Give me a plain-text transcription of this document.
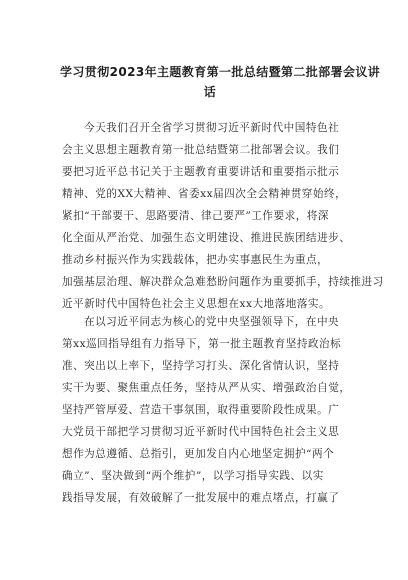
学习贯彻2023年主题教育第一批总结暨第二批部署会议讲
话
今天我们召开全省学习贯彻习近平新时代中国特色社
会主义思想主题教育第一批总结暨第二批部署会议。我们
要把习近平总书记关于主题教育重要讲话和重要指示批示
精神、党的XX大精神、省委xx届四次全会精神贯穿始终，
紧扣“干部要干、思路要清、律己要严”工作要求，将深
化全面从严治党、加强生态文明建设、推进民族团结进步、
推动乡村振兴作为实践载体，把办实事惠民生为重点，
加强基层治理、解决群众急难愁盼问题作为重要抓手，持续推进习
近平新时代中国特色社会主义思想在xx大地落地落实。
在以习近平同志为核心的党中央坚强领导下，在中央
第xx巡回指导组有力指导下，第一批主题教育坚持政治标
准、突出以上率下，坚持学习打头、深化省情认识，坚持
实干为要、聚焦重点任务，坚持从严从实、增强政治自觉，
坚持严管厚爱、营造干事氛围，取得重要阶段性成果。广
大党员干部把学习贯彻习近平新时代中国特色社会主义思
想作为总遵循、总指引，更加发自内心地坚定拥护“两个
确立”、坚决做到“两个维护”，以学习指导实践、以实
践指导发展，有效破解了一批发展中的难点堵点，打赢了
